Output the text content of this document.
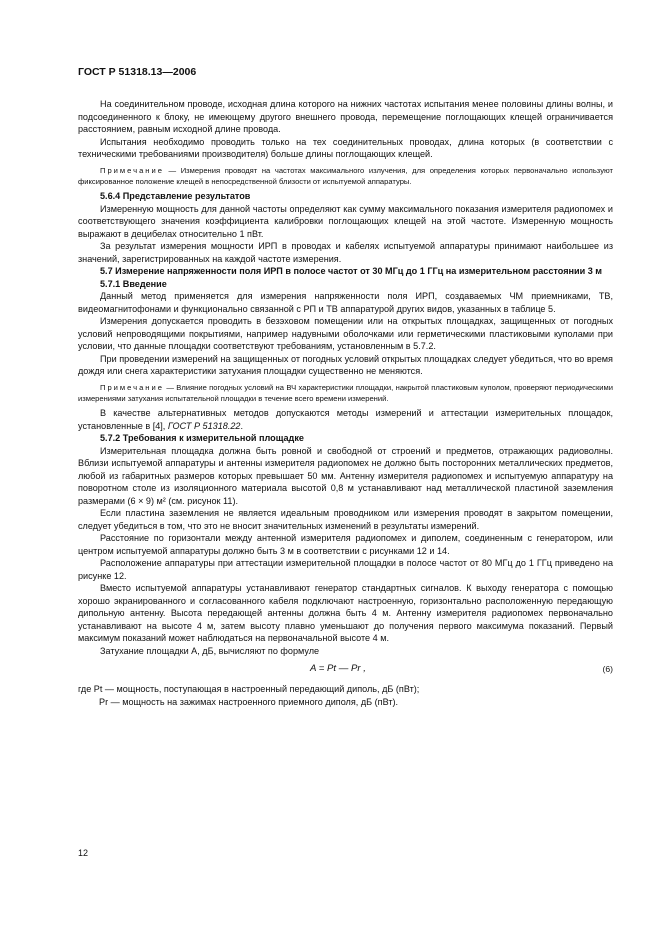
ГОСТ Р 51318.13—2006

На соединительном проводе, исходная длина которого на нижних частотах испытания менее половины длины волны, и подсоединенного к блоку, не имеющему другого внешнего провода, перемещение поглощающих клещей ограничивается расстоянием, равным исходной длине провода.

Испытания необходимо проводить только на тех соединительных проводах, длина которых (в соответствии с техническими требованиями производителя) больше длины поглощающих клещей.

Примечание — Измерения проводят на частотах максимального излучения, для определения которых первоначально используют фиксированное положение клещей в непосредственной близости от испытуемой аппаратуры.

5.6.4 Представление результатов

Измеренную мощность для данной частоты определяют как сумму максимального показания измерителя радиопомех и соответствующего значения коэффициента калибровки поглощающих клещей на этой частоте. Измеренную мощность выражают в децибелах относительно 1 пВт.

За результат измерения мощности ИРП в проводах и кабелях испытуемой аппаратуры принимают наибольшее из значений, зарегистрированных на каждой частоте измерения.

5.7 Измерение напряженности поля ИРП в полосе частот от 30 МГц до 1 ГГц на измерительном расстоянии 3 м

5.7.1 Введение

Данный метод применяется для измерения напряженности поля ИРП, создаваемых ЧМ приемниками, ТВ, видеомагнитофонами и функционально связанной с РП и ТВ аппаратурой других видов, указанных в таблице 5.

Измерения допускается проводить в безэховом помещении или на открытых площадках, защищенных от погодных условий непроводящими покрытиями, например надувными оболочками или герметическими пластиковыми куполами при условии, что данные площадки соответствуют требованиям, установленным в 5.7.2.

При проведении измерений на защищенных от погодных условий открытых площадках следует убедиться, что во время дождя или снега характеристики затухания площадки существенно не меняются.

Примечание — Влияние погодных условий на ВЧ характеристики площадки, накрытой пластиковым куполом, проверяют периодическими измерениями затухания испытательной площадки в течение всего времени измерений.

В качестве альтернативных методов допускаются методы измерений и аттестации измерительных площадок, установленные в [4], ГОСТ Р 51318.22.

5.7.2 Требования к измерительной площадке

Измерительная площадка должна быть ровной и свободной от строений и предметов, отражающих радиоволны. Вблизи испытуемой аппаратуры и антенны измерителя радиопомех не должно быть посторонних металлических предметов, любой из габаритных размеров которых превышает 50 мм. Антенну измерителя радиопомех и испытуемую аппаратуру на поворотном столе из изоляционного материала высотой 0,8 м устанавливают над металлической пластиной заземления размерами (6 × 9) м² (см. рисунок 11).

Если пластина заземления не является идеальным проводником или измерения проводят в закрытом помещении, следует убедиться в том, что это не вносит значительных изменений в результаты измерений.

Расстояние по горизонтали между антенной измерителя радиопомех и диполем, соединенным с генератором, или центром испытуемой аппаратуры должно быть 3 м в соответствии с рисунками 12 и 14.

Расположение аппаратуры при аттестации измерительной площадки в полосе частот от 80 МГц до 1 ГГц приведено на рисунке 12.

Вместо испытуемой аппаратуры устанавливают генератор стандартных сигналов. К выходу генератора с помощью хорошо экранированного и согласованного кабеля подключают настроенную, горизонтально расположенную передающую дипольную антенну. Высота передающей антенны должна быть 4 м. Антенну измерителя радиопомех первоначально устанавливают на высоте 4 м, затем высоту плавно уменьшают до получения первого максимума показаний. Первый максимум показаний может наблюдаться на первоначальной высоте 4 м.

Затухание площадки А, дБ, вычисляют по формуле

A = Pt — Pr ,	(6)

где Pt — мощность, поступающая в настроенный передающий диполь, дБ (пВт);

Pr — мощность на зажимах настроенного приемного диполя, дБ (пВт).

12
